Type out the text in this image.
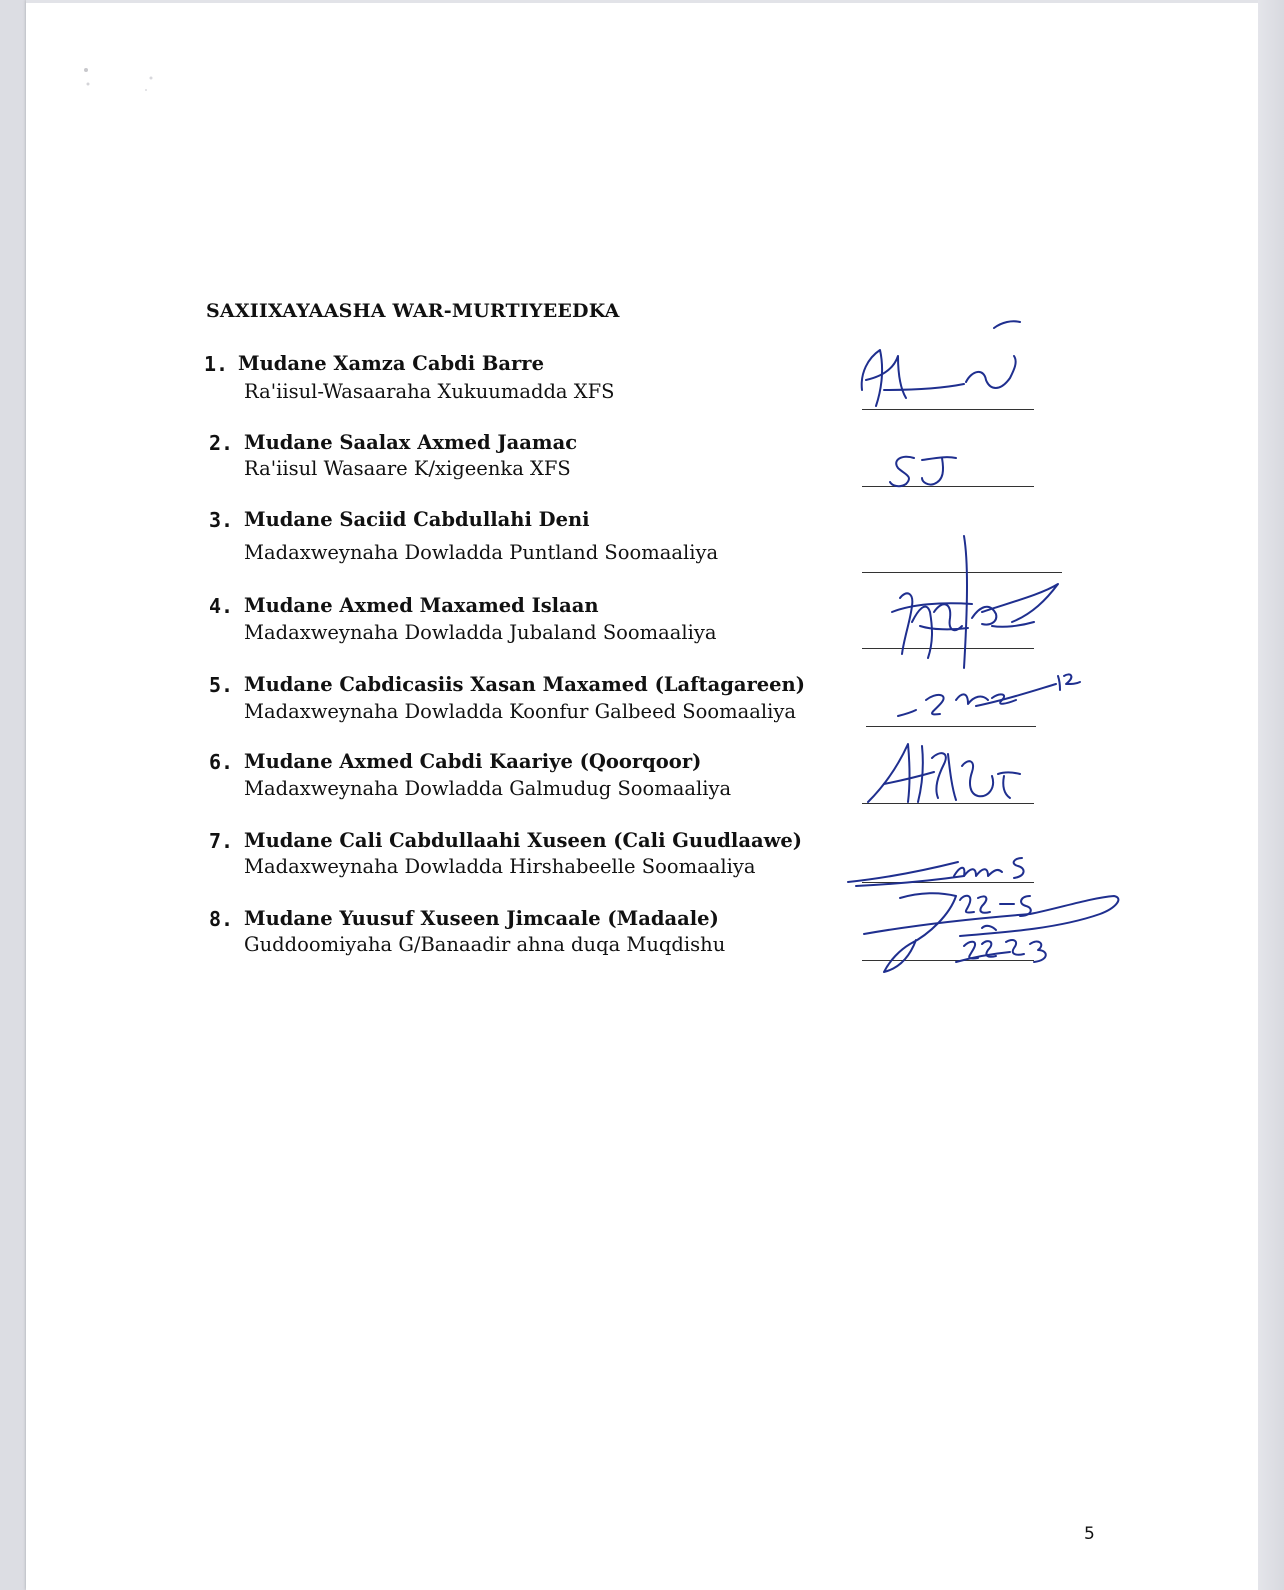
SAXIIXAYAASHA WAR-MURTIYEEDKA
1. Mudane Xamza Cabdi Barre
Ra'iisul-Wasaaraha Xukuumadda XFS
2. Mudane Saalax Axmed Jaamac
Ra'iisul Wasaare K/xigeenka XFS
3. Mudane Saciid Cabdullahi Deni
Madaxweynaha Dowladda Puntland Soomaaliya
4. Mudane Axmed Maxamed Islaan
Madaxweynaha Dowladda Jubaland Soomaaliya
5. Mudane Cabdicasiis Xasan Maxamed (Laftagareen)
Madaxweynaha Dowladda Koonfur Galbeed Soomaaliya
6. Mudane Axmed Cabdi Kaariye (Qoorqoor)
Madaxweynaha Dowladda Galmudug Soomaaliya
7. Mudane Cali Cabdullaahi Xuseen (Cali Guudlaawe)
Madaxweynaha Dowladda Hirshabeelle Soomaaliya
8. Mudane Yuusuf Xuseen Jimcaale (Madaale)
Guddoomiyaha G/Banaadir ahna duqa Muqdishu
5
